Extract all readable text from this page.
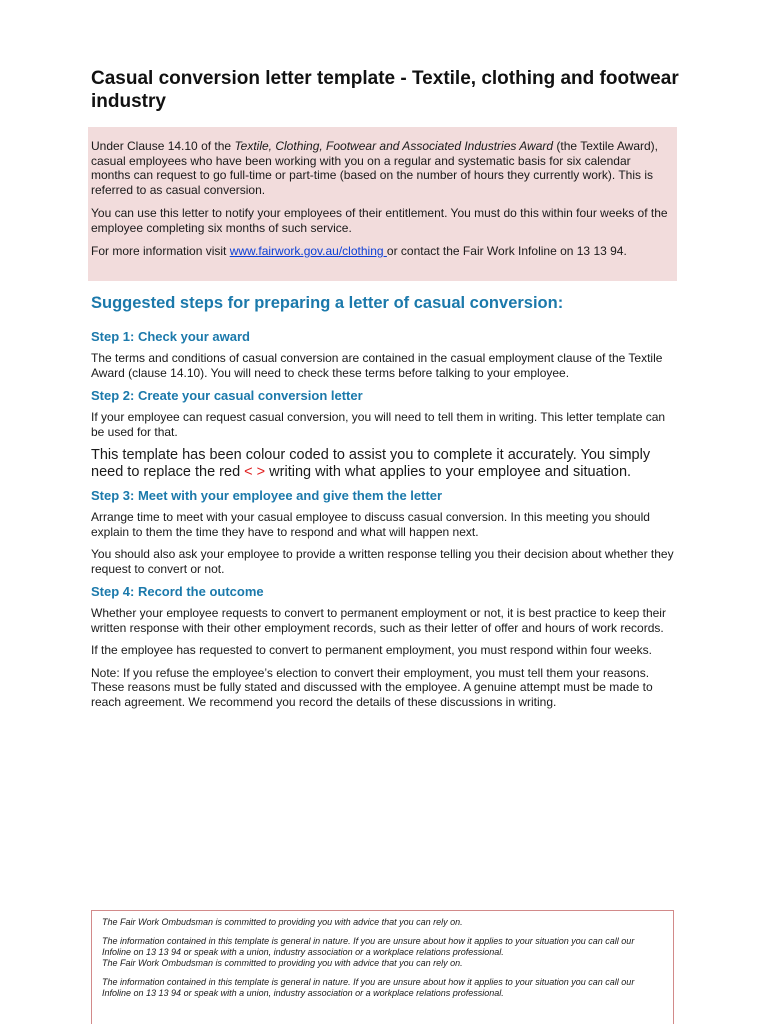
Casual conversion letter template - Textile, clothing and footwear industry

Under Clause 14.10 of the Textile, Clothing, Footwear and Associated Industries Award (the Textile Award), casual employees who have been working with you on a regular and systematic basis for six calendar months can request to go full-time or part-time (based on the number of hours they currently work). This is referred to as casual conversion.

You can use this letter to notify your employees of their entitlement. You must do this within four weeks of the employee completing six months of such service.

For more information visit www.fairwork.gov.au/clothing or contact the Fair Work Infoline on 13 13 94.

Suggested steps for preparing a letter of casual conversion:
Step 1: Check your award

The terms and conditions of casual conversion are contained in the casual employment clause of the Textile Award (clause 14.10). You will need to check these terms before talking to your employee.

Step 2: Create your casual conversion letter

If your employee can request casual conversion, you will need to tell them in writing. This letter template can be used for that.

This template has been colour coded to assist you to complete it accurately. You simply need to replace the red < > writing with what applies to your employee and situation.

Step 3: Meet with your employee and give them the letter

Arrange time to meet with your casual employee to discuss casual conversion. In this meeting you should explain to them the time they have to respond and what will happen next.

You should also ask your employee to provide a written response telling you their decision about whether they request to convert or not.

Step 4: Record the outcome

Whether your employee requests to convert to permanent employment or not, it is best practice to keep their written response with their other employment records, such as their letter of offer and hours of work records.

If the employee has requested to convert to permanent employment, you must respond within four weeks.

Note: If you refuse the employee’s election to convert their employment, you must tell them your reasons. These reasons must be fully stated and discussed with the employee. A genuine attempt must be made to reach agreement. We recommend you record the details of these discussions in writing.

The Fair Work Ombudsman is committed to providing you with advice that you can rely on.

The information contained in this template is general in nature. If you are unsure about how it applies to your situation you can call our Infoline on 13 13 94 or speak with a union, industry association or a workplace relations professional.

The Fair Work Ombudsman is committed to providing you with advice that you can rely on.

The information contained in this template is general in nature. If you are unsure about how it applies to your situation you can call our Infoline on 13 13 94 or speak with a union, industry association or a workplace relations professional.
